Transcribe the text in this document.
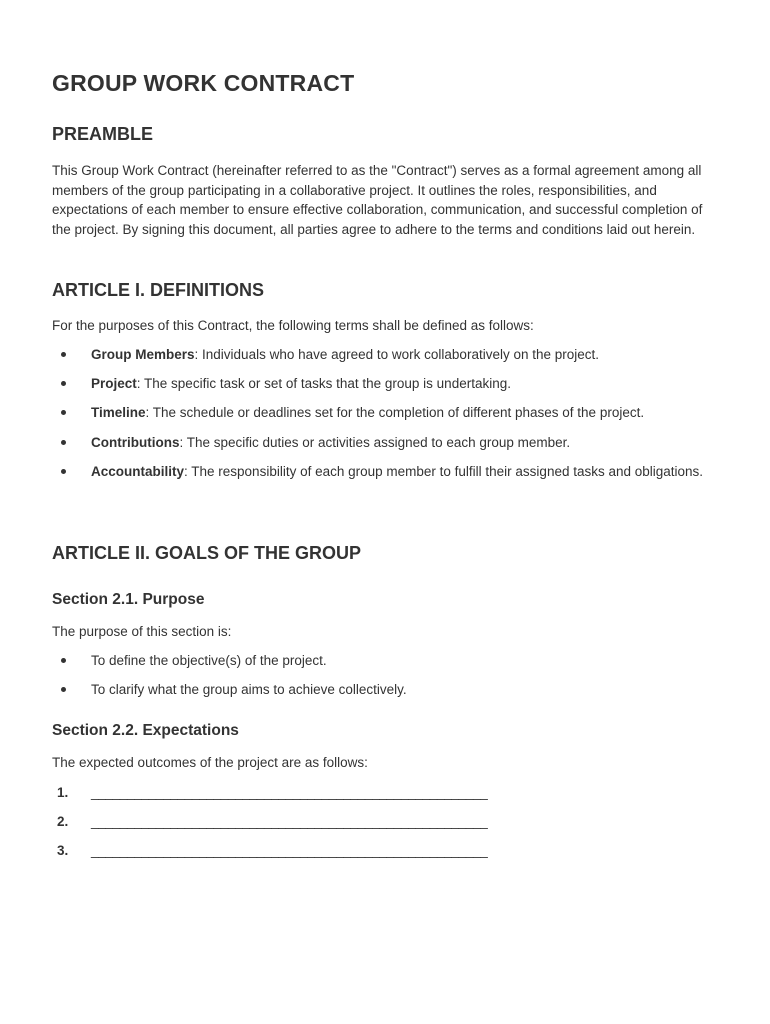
GROUP WORK CONTRACT
PREAMBLE

This Group Work Contract (hereinafter referred to as the "Contract") serves as a formal agreement among all members of the group participating in a collaborative project. It outlines the roles, responsibilities, and expectations of each member to ensure effective collaboration, communication, and successful completion of the project. By signing this document, all parties agree to adhere to the terms and conditions laid out herein.

ARTICLE I. DEFINITIONS

For the purposes of this Contract, the following terms shall be defined as follows:

Group Members: Individuals who have agreed to work collaboratively on the project.
Project: The specific task or set of tasks that the group is undertaking.
Timeline: The schedule or deadlines set for the completion of different phases of the project.
Contributions: The specific duties or activities assigned to each group member.
Accountability: The responsibility of each group member to fulfill their assigned tasks and obligations.
ARTICLE II. GOALS OF THE GROUP
Section 2.1. Purpose

The purpose of this section is:

To define the objective(s) of the project.
To clarify what the group aims to achieve collectively.
Section 2.2. Expectations

The expected outcomes of the project are as follows:

1. _______________________________________________________
2. _______________________________________________________
3. _______________________________________________________
